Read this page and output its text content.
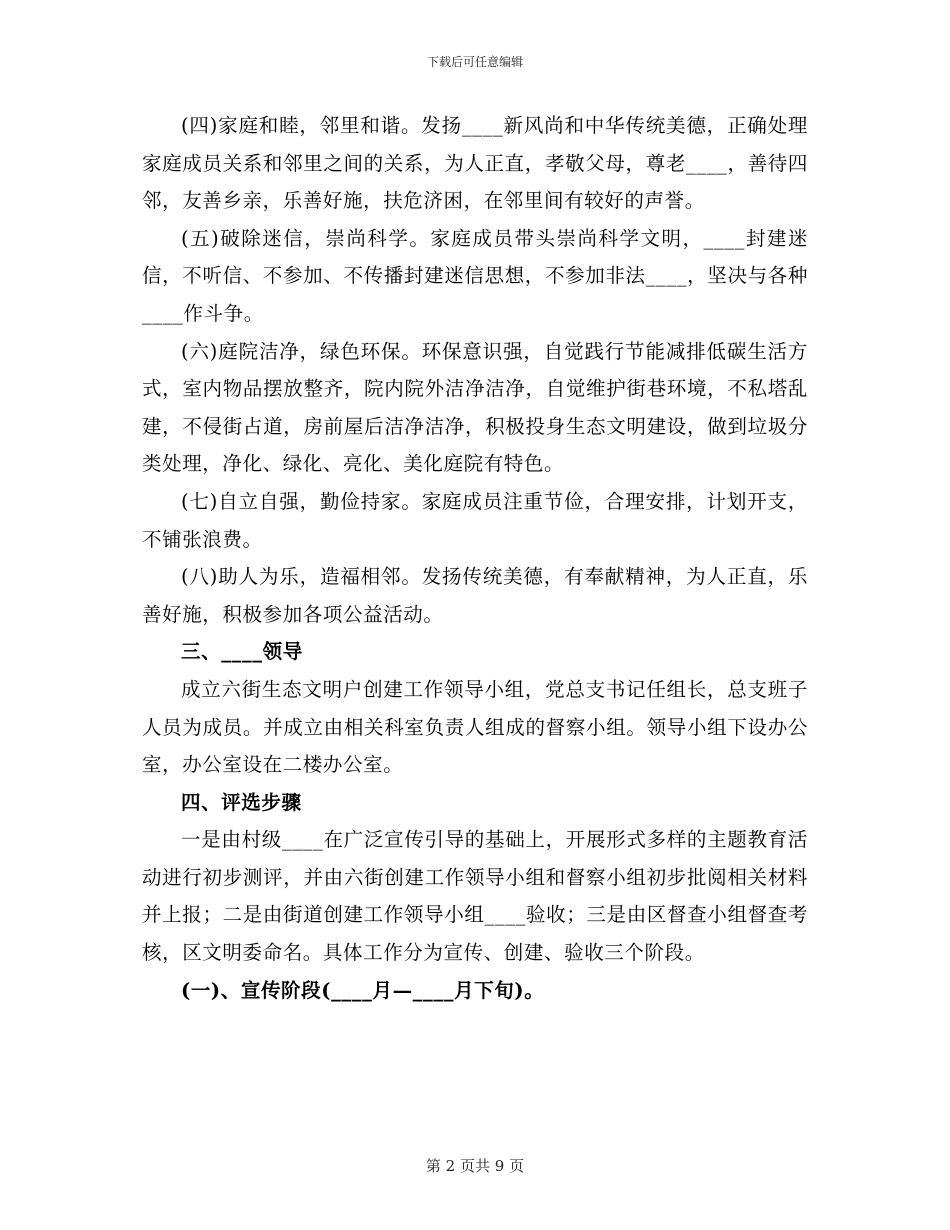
下载后可任意编辑

(四)家庭和睦，邻里和谐。发扬____新风尚和中华传统美德，正确处理家庭成员关系和邻里之间的关系，为人正直，孝敬父母，尊老____，善待四邻，友善乡亲，乐善好施，扶危济困，在邻里间有较好的声誉。

(五)破除迷信，崇尚科学。家庭成员带头崇尚科学文明，____封建迷信，不听信、不参加、不传播封建迷信思想，不参加非法____，坚决与各种____作斗争。

(六)庭院洁净，绿色环保。环保意识强，自觉践行节能减排低碳生活方式，室内物品摆放整齐，院内院外洁净洁净，自觉维护街巷环境，不私塔乱建，不侵街占道，房前屋后洁净洁净，积极投身生态文明建设，做到垃圾分类处理，净化、绿化、亮化、美化庭院有特色。

(七)自立自强，勤俭持家。家庭成员注重节俭，合理安排，计划开支，不铺张浪费。

(八)助人为乐，造福相邻。发扬传统美德，有奉献精神，为人正直，乐善好施，积极参加各项公益活动。

三、____领导

成立六街生态文明户创建工作领导小组，党总支书记任组长，总支班子人员为成员。并成立由相关科室负责人组成的督察小组。领导小组下设办公室，办公室设在二楼办公室。

四、评选步骤

一是由村级____在广泛宣传引导的基础上，开展形式多样的主题教育活动进行初步测评，并由六街创建工作领导小组和督察小组初步批阅相关材料并上报；二是由街道创建工作领导小组____验收；三是由区督查小组督查考核，区文明委命名。具体工作分为宣传、创建、验收三个阶段。

(一)、宣传阶段(____月—____月下旬)。

第 2 页共 9 页
